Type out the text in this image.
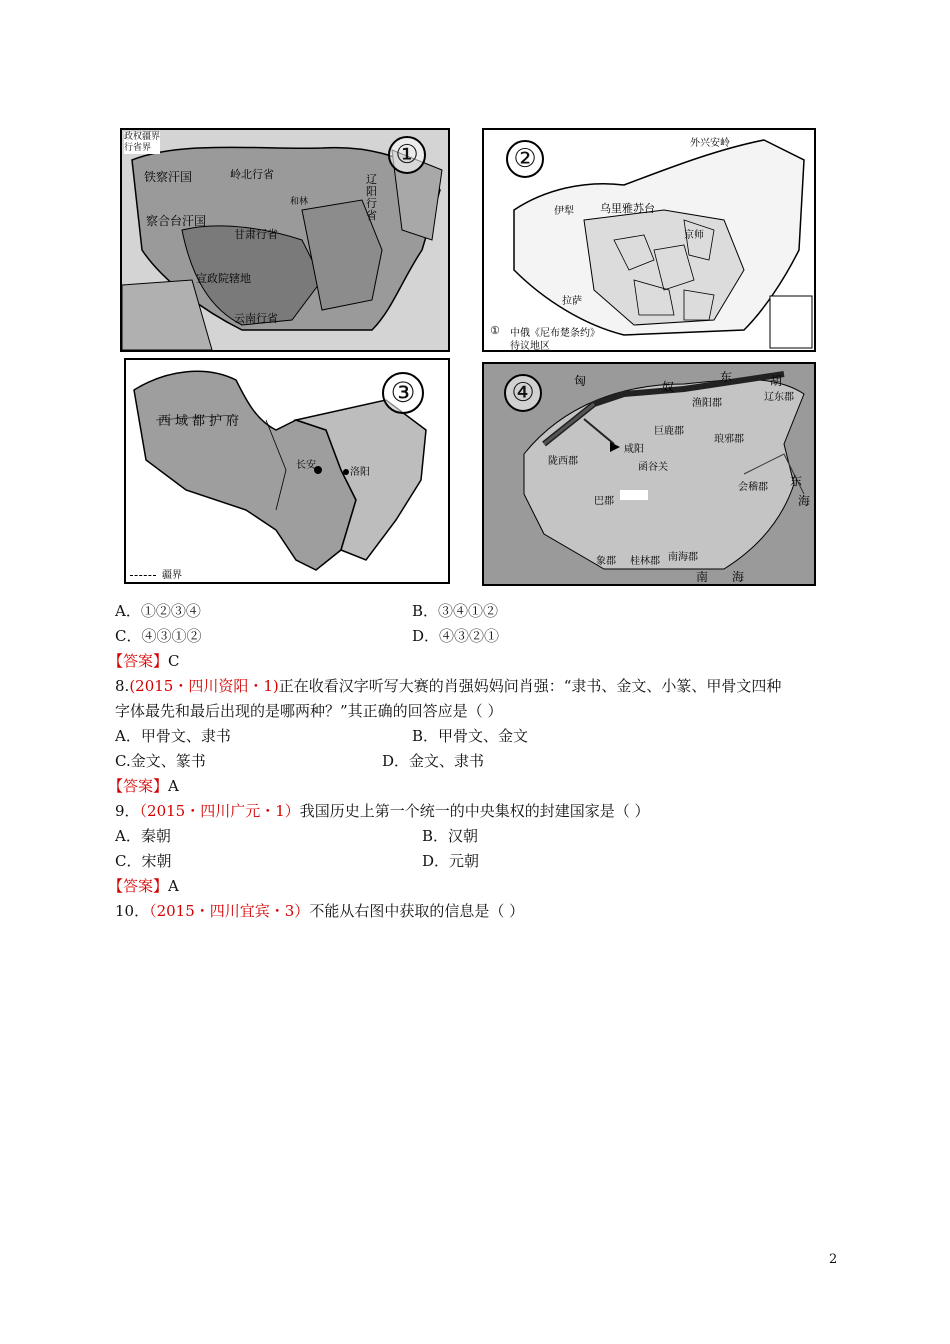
政权疆界
行省界	①
铁察汗国	岭北行省	辽阳行省
察合台汗国
甘肃行省
宣政院辖地
云南行省
和林
②
外兴安岭
伊犁 乌里雅苏台
京师
拉萨
① 中俄《尼布楚条约》
待议地区
③
西域都护府
长安
洛阳
疆界
④	匈	奴
东	胡
辽东郡
渔阳郡
巨鹿郡
琅邪郡
陇西郡
咸阳
函谷关
会稽郡
巴郡
南海郡
桂林郡
象郡
南 海
东
海
A．①②③④	B．③④①②
C．④③①②	D．④③②①
【答案】C
8.(2015・四川资阳・1)正在收看汉字听写大赛的肖强妈妈问肖强：“隶书、金文、小篆、甲骨文四种
字体最先和最后出现的是哪两种？”其正确的回答应是（ ）
A．甲骨文、隶书	B．甲骨文、金文
C.金文、篆书	D．金文、隶书
【答案】A
9．（2015・四川广元・1）我国历史上第一个统一的中央集权的封建国家是（ ）
A．秦朝	B．汉朝
C．宋朝	D．元朝
【答案】A
10．（2015・四川宜宾・3）不能从右图中获取的信息是（ ）
2
